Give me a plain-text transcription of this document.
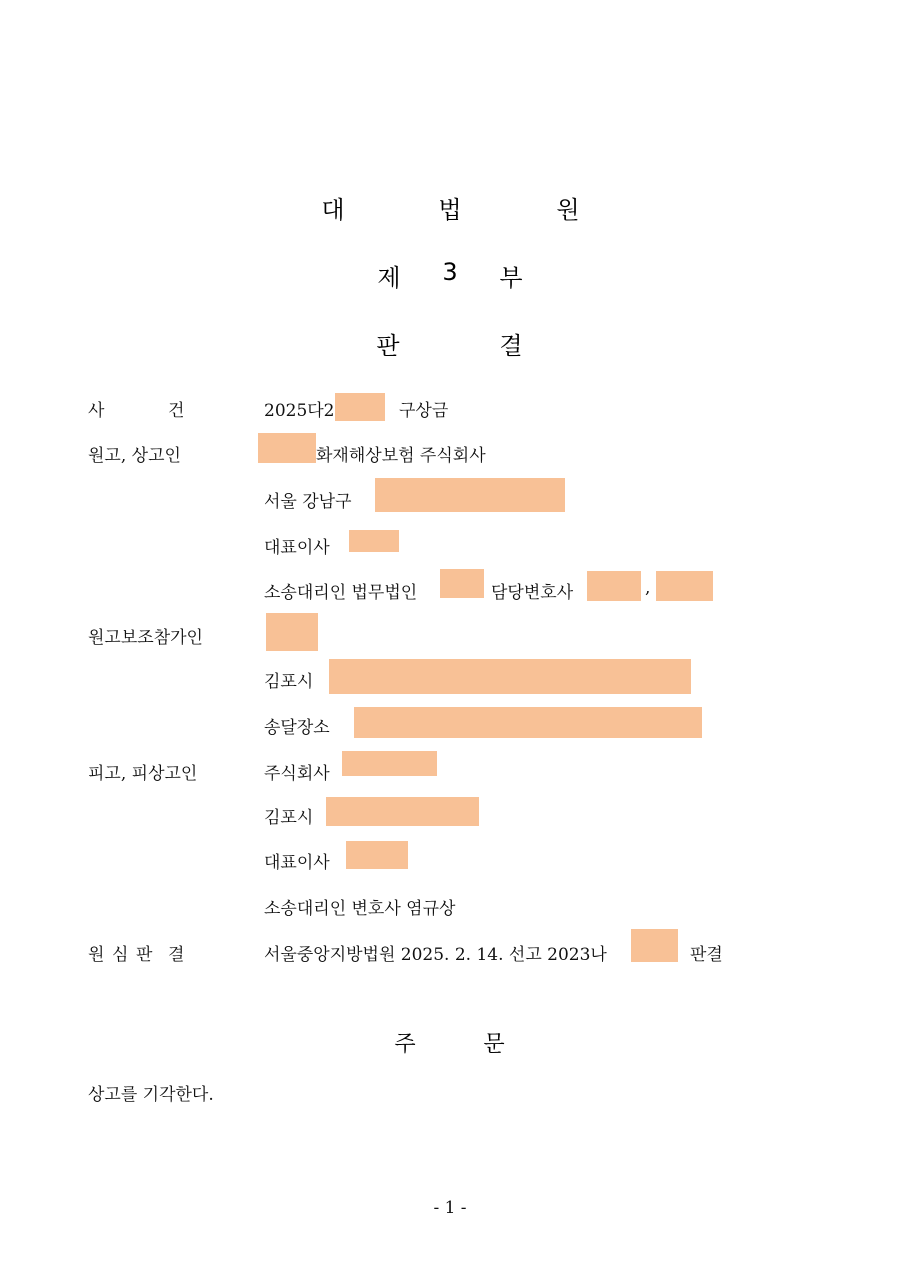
대	법	원
제 3 부
판	결
사	건	2025다2	구상금
원고, 상고인	화재해상보험 주식회사
서울 강남구
대표이사
소송대리인 법무법인	담당변호사	,
원고보조참가인
김포시
송달장소
피고, 피상고인	주식회사
김포시
대표이사
소송대리인 변호사 염규상
원 심 판 결	서울중앙지방법원 2025. 2. 14. 선고 2023나	판결
주	문
상고를 기각한다.
- 1 -
